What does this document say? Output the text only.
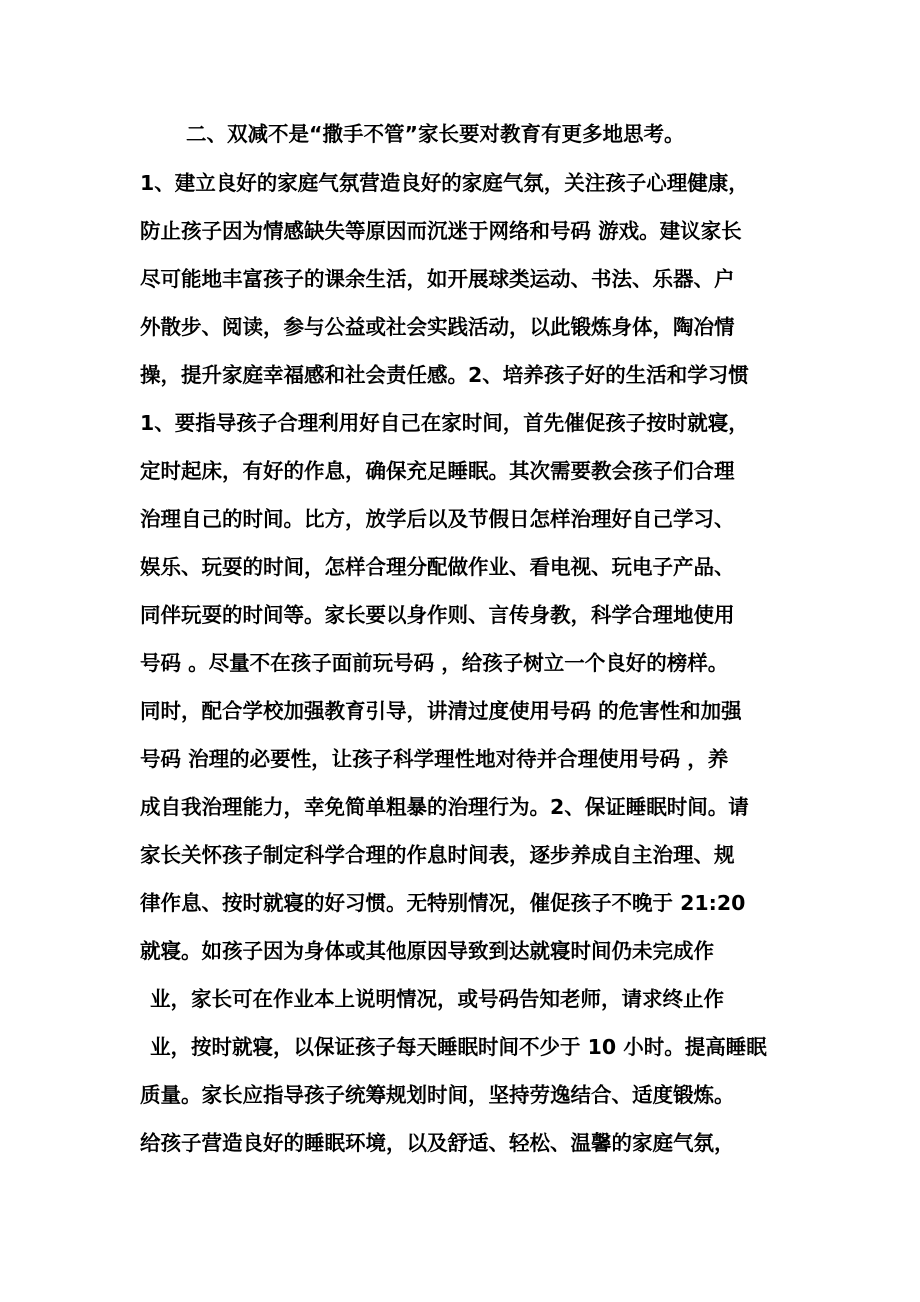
二、双减不是“撒手不管”家长要对教育有更多地思考。
1、建立良好的家庭气氛营造良好的家庭气氛，关注孩子心理健康，
防止孩子因为情感缺失等原因而沉迷于网络和号码 游戏。建议家长
尽可能地丰富孩子的课余生活，如开展球类运动、书法、乐器、户
外散步、阅读，参与公益或社会实践活动，以此锻炼身体，陶冶情
操，提升家庭幸福感和社会责任感。2、培养孩子好的生活和学习惯
1、要指导孩子合理利用好自己在家时间，首先催促孩子按时就寝，
定时起床，有好的作息，确保充足睡眠。其次需要教会孩子们合理
治理自己的时间。比方，放学后以及节假日怎样治理好自己学习、
娱乐、玩耍的时间，怎样合理分配做作业、看电视、玩电子产品、
同伴玩耍的时间等。家长要以身作则、言传身教，科学合理地使用
号码 。尽量不在孩子面前玩号码 ，给孩子树立一个良好的榜样。
同时，配合学校加强教育引导，讲清过度使用号码 的危害性和加强
号码 治理的必要性，让孩子科学理性地对待并合理使用号码 ，养
成自我治理能力，幸免简单粗暴的治理行为。2、保证睡眠时间。请
家长关怀孩子制定科学合理的作息时间表，逐步养成自主治理、规
律作息、按时就寝的好习惯。无特别情况，催促孩子不晚于 21:20
就寝。如孩子因为身体或其他原因导致到达就寝时间仍未完成作
业，家长可在作业本上说明情况，或号码告知老师，请求终止作
业，按时就寝，以保证孩子每天睡眠时间不少于 10 小时。提高睡眠
质量。家长应指导孩子统筹规划时间，坚持劳逸结合、适度锻炼。
给孩子营造良好的睡眠环境，以及舒适、轻松、温馨的家庭气氛，
